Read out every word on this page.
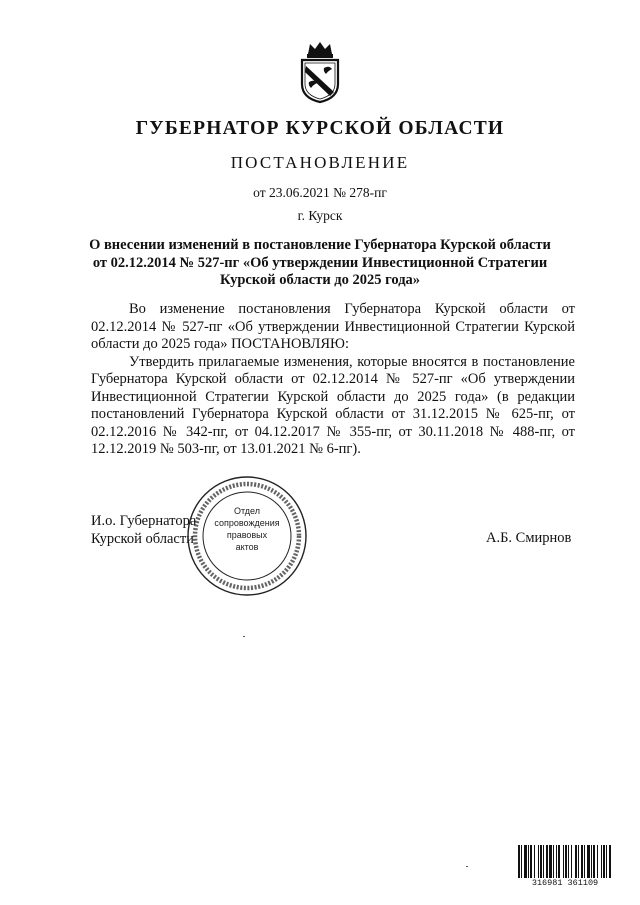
ГУБЕРНАТОР КУРСКОЙ ОБЛАСТИ
ПОСТАНОВЛЕНИЕ
от 23.06.2021 № 278-пг
г. Курск
О внесении изменений в постановление Губернатора Курской области
от 02.12.2014 № 527-пг «Об утверждении Инвестиционной Стратегии
Курской области до 2025 года»

Во изменение постановления Губернатора Курской области от 02.12.2014 № 527-пг «Об утверждении Инвестиционной Стратегии Курской области до 2025 года» ПОСТАНОВЛЯЮ:

Утвердить прилагаемые изменения, которые вносятся в постановление Губернатора Курской области от 02.12.2014 № 527-пг «Об утверждении Инвестиционной Стратегии Курской области до 2025 года» (в редакции постановлений Губернатора Курской области от 31.12.2015 № 625-пг, от 02.12.2016 № 342-пг, от 04.12.2017 № 355-пг, от 30.11.2018 № 488-пг, от 12.12.2019 № 503-пг, от 13.01.2021 № 6-пг).

И.о. Губернатора
Курской области	А.Б. Смирнов
Отдел
сопровождения
правовых
актов
316981 361109
